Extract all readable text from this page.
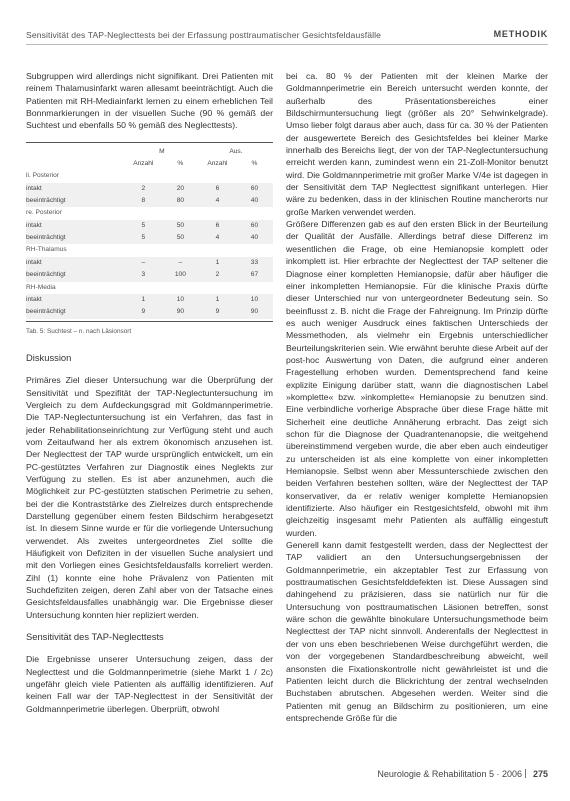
Sensitivität des TAP-Neglecttests bei der Erfassung posttraumatischer Gesichtsfeldausfälle	METHODIK

Subgruppen wird allerdings nicht signifikant. Drei Patienten mit reinem Thalamusinfarkt waren allesamt beeinträchtigt. Auch die Patienten mit RH-Mediainfarkt lernen zu einem erheblichen Teil Bonnmarkierungen in der visuellen Suche (90 % gemäß der Suchtest und ebenfalls 50 % gemäß des Neglecttests).

	M		Aus.	
	Anzahl	%	Anzahl	%
li. Posterior				
intakt	2	20	6	60
beeinträchtigt	8	80	4	40
re. Posterior				
intakt	5	50	6	60
beeinträchtigt	5	50	4	40
RH-Thalamus				
intakt	–	–	1	33
beeinträchtigt	3	100	2	67
RH-Media				
intakt	1	10	1	10
beeinträchtigt	9	90	9	90

Tab. 5: Suchtest – n. nach Läsionsort

Diskussion

Primäres Ziel dieser Untersuchung war die Überprüfung der Sensitivität und Spezifität der TAP-Neglectuntersuchung im Vergleich zu dem Aufdeckungsgrad mit Goldmannperimetrie. Die TAP-Neglectuntersuchung ist ein Verfahren, das fast in jeder Rehabilitationseinrichtung zur Verfügung steht und auch vom Zeitaufwand her als extrem ökonomisch anzusehen ist. Der Neglecttest der TAP wurde ursprünglich entwickelt, um ein PC-gestütztes Verfahren zur Diagnostik eines Neglekts zur Verfügung zu stellen. Es ist aber anzunehmen, auch die Möglichkeit zur PC-gestützten statischen Perimetrie zu sehen, bei der die Kontraststärke des Zielreizes durch entsprechende Darstellung gegenüber einem festen Bildschirm herabgesetzt ist. In diesem Sinne wurde er für die vorliegende Untersuchung verwendet. Als zweites untergeordnetes Ziel sollte die Häufigkeit von Defiziten in der visuellen Suche analysiert und mit den Vorliegen eines Gesichtsfeldausfalls korreliert werden. Zihl (1) konnte eine hohe Prävalenz von Patienten mit Suchdefiziten zeigen, deren Zahl aber von der Tatsache eines Gesichtsfeldausfalles unabhängig war. Die Ergebnisse dieser Untersuchung konnten hier repliziert werden.

Sensitivität des TAP-Neglecttests

Die Ergebnisse unserer Untersuchung zeigen, dass der Neglecttest und die Goldmannperimetrie (siehe Markt 1 / 2c) ungefähr gleich viele Patienten als auffällig identifizieren. Auf keinen Fall war der TAP-Neglecttest in der Sensitivität der Goldmannperimetrie überlegen. Überprüft, obwohl

bei ca. 80 % der Patienten mit der kleinen Marke der Goldmannperimetrie ein Bereich untersucht werden konnte, der außerhalb des Präsentationsbereiches einer Bildschirmuntersuchung liegt (größer als 20° Sehwinkelgrade). Umso lieber folgt daraus aber auch, dass für ca. 30 % der Patienten der ausgewertete Bereich des Gesichtsfeldes bei kleiner Marke innerhalb des Bereichs liegt, der von der TAP-Neglectuntersuchung erreicht werden kann, zumindest wenn ein 21-Zoll-Monitor benutzt wird. Die Goldmannperimetrie mit großer Marke V/4e ist dagegen in der Sensitivität dem TAP Neglecttest signifikant unterlegen. Hier wäre zu bedenken, dass in der klinischen Routine mancherorts nur große Marken verwendet werden.

Größere Differenzen gab es auf den ersten Blick in der Beurteilung der Qualität der Ausfälle. Allerdings betraf diese Differenz im wesentlichen die Frage, ob eine Hemianopsie komplett oder inkomplett ist. Hier erbrachte der Neglecttest der TAP seltener die Diagnose einer kompletten Hemianopsie, dafür aber häufiger die einer inkompletten Hemianopsie. Für die klinische Praxis dürfte dieser Unterschied nur von untergeordneter Bedeutung sein. So beeinflusst z. B. nicht die Frage der Fahreignung. Im Prinzip dürfte es auch weniger Ausdruck eines faktischen Unterschieds der Messmethoden, als vielmehr ein Ergebnis unterschiedlicher Beurteilungskriterien sein. Wie erwähnt beruhte diese Arbeit auf der post-hoc Auswertung von Daten, die aufgrund einer anderen Fragestellung erhoben wurden. Dementsprechend fand keine explizite Einigung darüber statt, wann die diagnostischen Label »komplette« bzw. »inkomplette« Hemianopsie zu benutzen sind. Eine verbindliche vorherige Absprache über diese Frage hätte mit Sicherheit eine deutliche Annäherung erbracht. Das zeigt sich schon für die Diagnose der Quadrantenanopsie, die weitgehend übereinstimmend vergeben wurde, die aber eben auch eindeutiger zu unterscheiden ist als eine komplette von einer inkompletten Hemianopsie. Selbst wenn aber Messunterschiede zwischen den beiden Verfahren bestehen sollten, wäre der Neglecttest der TAP konservativer, da er relativ weniger komplette Hemianopsien identifizierte. Also häufiger ein Restgesichtsfeld, obwohl mit ihm gleichzeitig insgesamt mehr Patienten als auffällig eingestuft wurden.

Generell kann damit festgestellt werden, dass der Neglecttest der TAP validiert an den Untersuchungsergebnissen der Goldmannperimetrie, ein akzeptabler Test zur Erfassung von posttraumatischen Gesichtsfelddefekten ist. Diese Aussagen sind dahingehend zu präzisieren, dass sie natürlich nur für die Untersuchung von posttraumatischen Läsionen betreffen, sonst wäre schon die gewählte binokulare Untersuchungsmethode beim Neglecttest der TAP nicht sinnvoll. Anderenfalls der Neglecttest in der von uns eben beschriebenen Weise durchgeführt werden, die von der vorgegebenen Standardbeschreibung abweicht, weil ansonsten die Fixationskontrolle nicht gewährleistet ist und die Patienten leicht durch die Blickrichtung der zentral wechselnden Buchstaben abrutschen. Abgesehen werden. Weiter sind die Patienten mit genug an Bildschirm zu positionieren, um eine entsprechende Größe für die

Neurologie & Rehabilitation 5 · 2006 275
